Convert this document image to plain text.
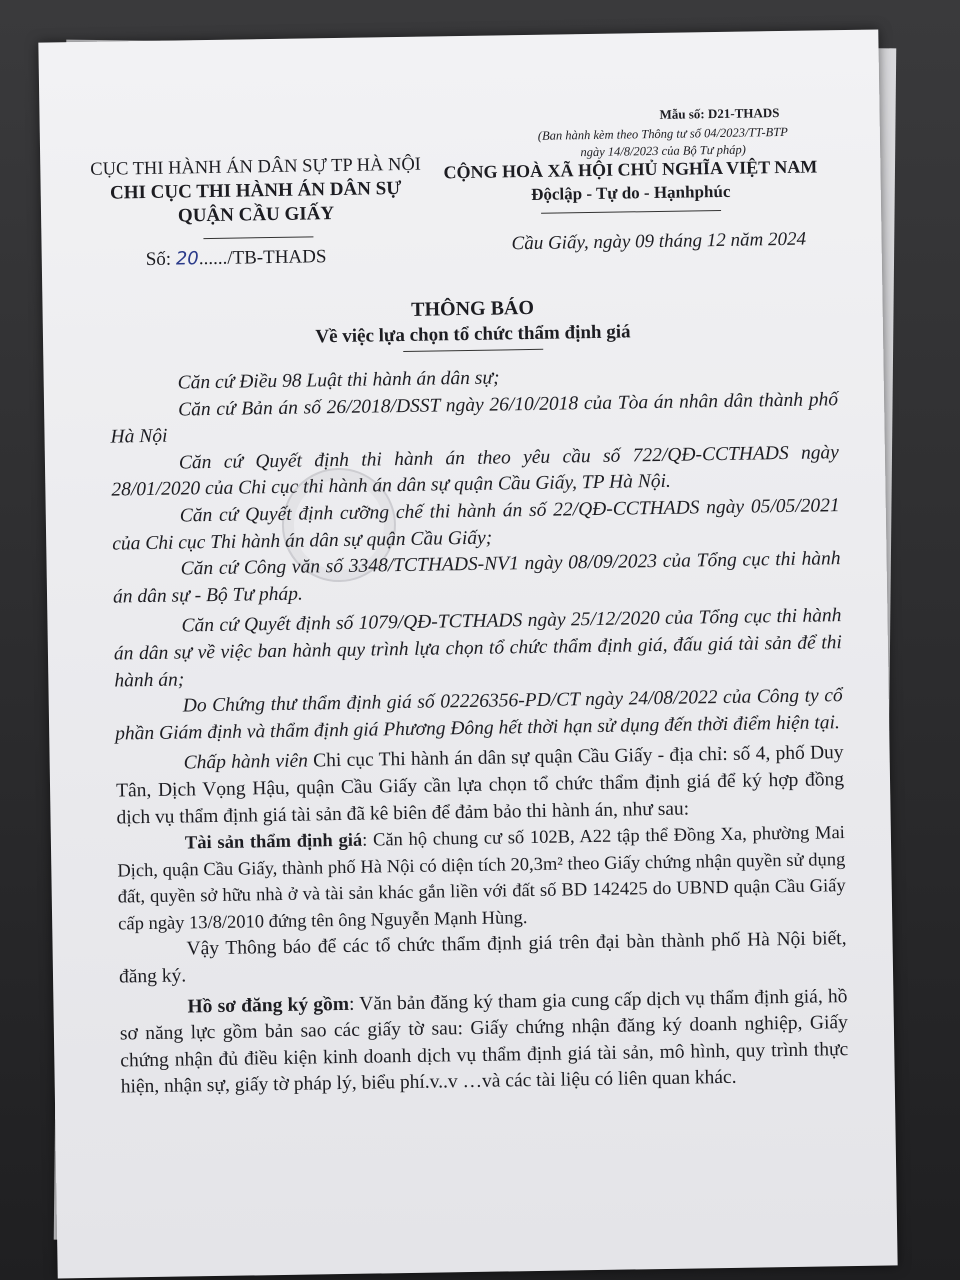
Mẫu số: D21-THADS
(Ban hành kèm theo Thông tư số 04/2023/TT-BTP
ngày 14/8/2023 của Bộ Tư pháp)
CỤC THI HÀNH ÁN DÂN SỰ TP HÀ NỘI
CHI CỤC THI HÀNH ÁN DÂN SỰ
QUẬN CẦU GIẤY
CỘNG HOÀ XÃ HỘI CHỦ NGHĨA VIỆT NAM
Độclập - Tự do - Hạnhphúc
Số: 20....../TB-THADS
Cầu Giấy, ngày 09 tháng 12 năm 2024
THÔNG BÁO
Về việc lựa chọn tổ chức thẩm định giá

Căn cứ Điều 98 Luật thi hành án dân sự;

Căn cứ Bản án số 26/2018/DSST ngày 26/10/2018 của Tòa án nhân dân thành phố Hà Nội

Căn cứ Quyết định thi hành án theo yêu cầu số 722/QĐ-CCTHADS ngày 28/01/2020 của Chi cục thi hành án dân sự quận Cầu Giấy, TP Hà Nội.

Căn cứ Quyết định cưỡng chế thi hành án số 22/QĐ-CCTHADS ngày 05/05/2021 của Chi cục Thi hành án dân sự quận Cầu Giấy;

Căn cứ Công văn số 3348/TCTHADS-NV1 ngày 08/09/2023 của Tổng cục thi hành án dân sự - Bộ Tư pháp.

Căn cứ Quyết định số 1079/QĐ-TCTHADS ngày 25/12/2020 của Tổng cục thi hành án dân sự về việc ban hành quy trình lựa chọn tổ chức thẩm định giá, đấu giá tài sản để thi hành án;

Do Chứng thư thẩm định giá số 02226356-PD/CT ngày 24/08/2022 của Công ty cổ phần Giám định và thẩm định giá Phương Đông hết thời hạn sử dụng đến thời điểm hiện tại.

Chấp hành viên Chi cục Thi hành án dân sự quận Cầu Giấy - địa chỉ: số 4, phố Duy Tân, Dịch Vọng Hậu, quận Cầu Giấy cần lựa chọn tổ chức thẩm định giá để ký hợp đồng dịch vụ thẩm định giá tài sản đã kê biên để đảm bảo thi hành án, như sau:

Tài sản thẩm định giá: Căn hộ chung cư số 102B, A22 tập thể Đồng Xa, phường Mai Dịch, quận Cầu Giấy, thành phố Hà Nội có diện tích 20,3m² theo Giấy chứng nhận quyền sử dụng đất, quyền sở hữu nhà ở và tài sản khác gắn liền với đất số BD 142425 do UBND quận Cầu Giấy cấp ngày 13/8/2010 đứng tên ông Nguyễn Mạnh Hùng.

Vậy Thông báo để các tổ chức thẩm định giá trên đại bàn thành phố Hà Nội biết, đăng ký.

Hồ sơ đăng ký gồm: Văn bản đăng ký tham gia cung cấp dịch vụ thẩm định giá, hồ sơ năng lực gồm bản sao các giấy tờ sau: Giấy chứng nhận đăng ký doanh nghiệp, Giấy chứng nhận đủ điều kiện kinh doanh dịch vụ thẩm định giá tài sản, mô hình, quy trình thực hiện, nhận sự, giấy tờ pháp lý, biểu phí.v..v …và các tài liệu có liên quan khác.
